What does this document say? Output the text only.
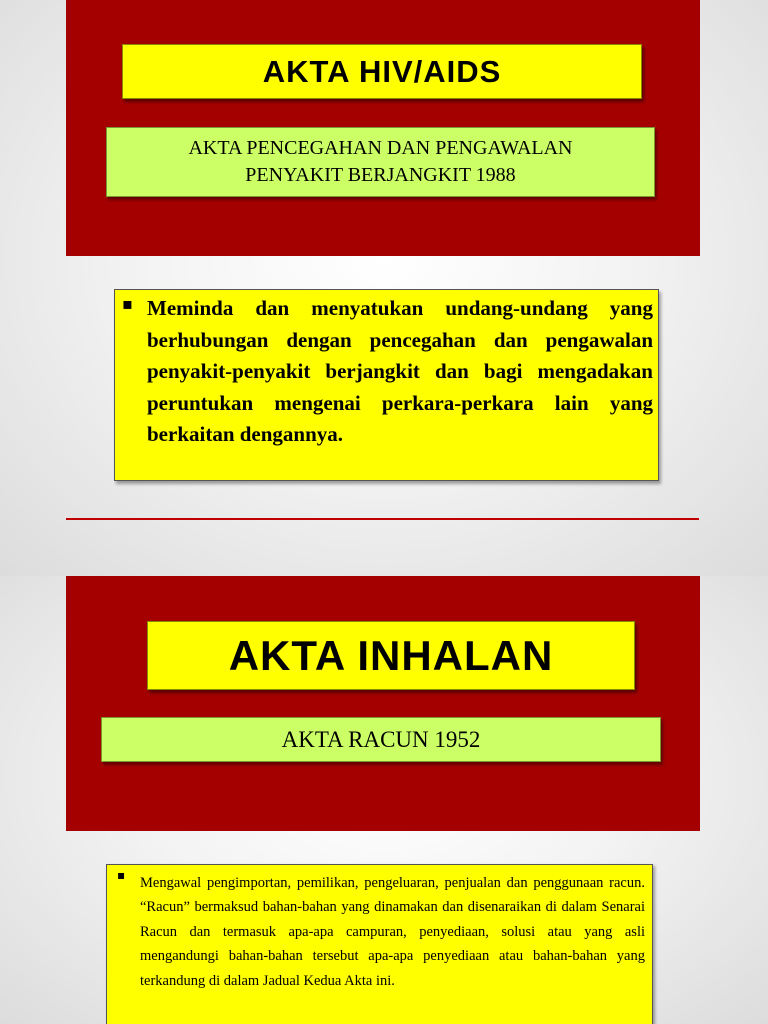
AKTA HIV/AIDS
AKTA PENCEGAHAN DAN PENGAWALAN
PENYAKIT BERJANGKIT 1988
▪ Meminda dan menyatukan undang-undang yang berhubungan dengan pencegahan dan pengawalan penyakit-penyakit berjangkit dan bagi mengadakan peruntukan mengenai perkara-perkara lain yang berkaitan dengannya.
AKTA INHALAN
AKTA RACUN 1952
▪ Mengawal pengimportan, pemilikan, pengeluaran, penjualan dan penggunaan racun. “Racun” bermaksud bahan-bahan yang dinamakan dan disenaraikan di dalam Senarai Racun dan termasuk apa-apa campuran, penyediaan, solusi atau yang asli mengandungi bahan-bahan tersebut apa-apa penyediaan atau bahan-bahan yang terkandung di dalam Jadual Kedua Akta ini.
